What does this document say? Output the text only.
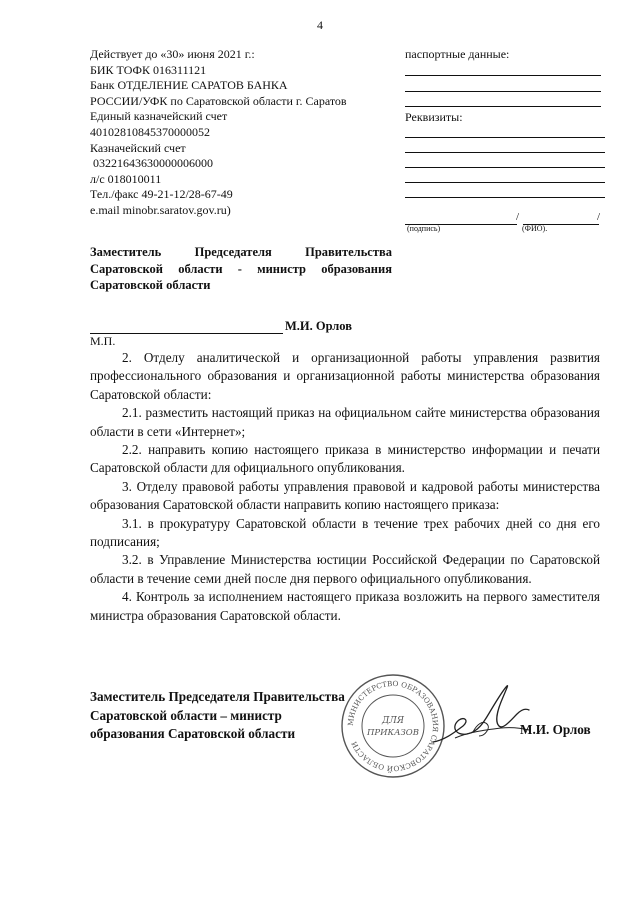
4
Действует до «30» июня 2021 г.:
БИК ТОФК 016311121
Банк ОТДЕЛЕНИЕ САРАТОВ БАНКА
РОССИИ/УФК по Саратовской области г. Саратов
Единый казначейский счет
40102810845370000052
Казначейский счет
03221643630000006000
л/с 018010011
Тел./факс 49-21-12/28-67-49
e.mail minobr.saratov.gov.ru)
паспортные данные:
Реквизиты:
/	/
(подпись)	(ФИО).
Заместитель	Председателя	Правительства
Саратовской области - министр образования
Саратовской области
М.И. Орлов
М.П.

2. Отделу аналитической и организационной работы управления развития профессионального образования и организационной работы министерства образования Саратовской области:

2.1. разместить настоящий приказ на официальном сайте министерства образования области в сети «Интернет»;

2.2. направить копию настоящего приказа в министерство информации и печати Саратовской области для официального опубликования.

3. Отделу правовой работы управления правовой и кадровой работы министерства образования Саратовской области направить копию настоящего приказа:

3.1. в прокуратуру Саратовской области в течение трех рабочих дней со дня его подписания;

3.2. в Управление Министерства юстиции Российской Федерации по Саратовской области в течение семи дней после дня первого официального опубликования.

4. Контроль за исполнением настоящего приказа возложить на первого заместителя министра образования Саратовской области.

Заместитель Председателя Правительства
Саратовской области – министр
образования Саратовской области
МИНИСТЕРСТВО ОБРАЗОВАНИЯ САРАТОВСКОЙ ОБЛАСТИ
ДЛЯ
ПРИКАЗОВ	М.И. Орлов
